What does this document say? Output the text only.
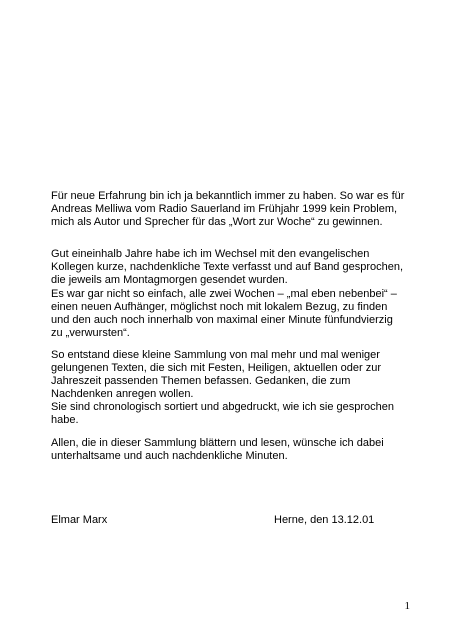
Für neue Erfahrung bin ich ja bekanntlich immer zu haben. So war es für
Andreas Melliwa vom Radio Sauerland im Frühjahr 1999 kein Problem,
mich als Autor und Sprecher für das „Wort zur Woche“ zu gewinnen.

Gut eineinhalb Jahre habe ich im Wechsel mit den evangelischen
Kollegen kurze, nachdenkliche Texte verfasst und auf Band gesprochen,
die jeweils am Montagmorgen gesendet wurden.

Es war gar nicht so einfach, alle zwei Wochen – „mal eben nebenbei“ –
einen neuen Aufhänger, möglichst noch mit lokalem Bezug, zu finden
und den auch noch innerhalb von maximal einer Minute fünfundvierzig
zu „verwursten“.

So entstand diese kleine Sammlung von mal mehr und mal weniger
gelungenen Texten, die sich mit Festen, Heiligen, aktuellen oder zur
Jahreszeit passenden Themen befassen. Gedanken, die zum
Nachdenken anregen wollen.
Sie sind chronologisch sortiert und abgedruckt, wie ich sie gesprochen
habe.

Allen, die in dieser Sammlung blättern und lesen, wünsche ich dabei
unterhaltsame und auch nachdenkliche Minuten.

Elmar Marx	Herne, den 13.12.01
1
